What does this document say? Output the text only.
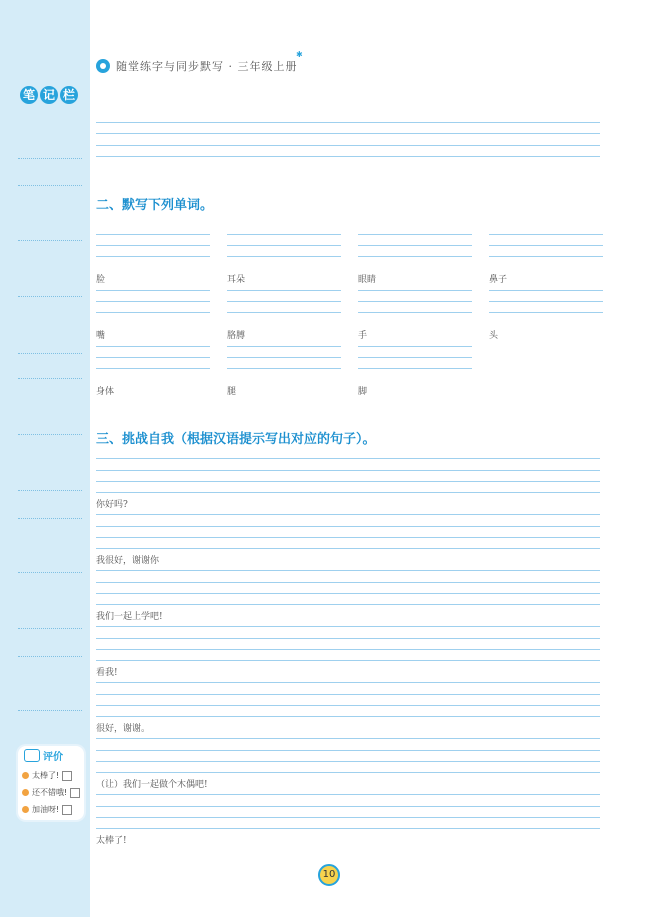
笔 记 栏
评价
太棒了!
还不错哦!
加油呀!
随堂练字与同步默写 · 三年级上册
✱
二、默写下列单词。
脸	耳朵	眼睛	鼻子
嘴	胳膊	手	头
身体	腿	脚
三、挑战自我（根据汉语提示写出对应的句子）。
你好吗?
我很好，谢谢你
我们一起上学吧!
看我!
很好，谢谢。
（让）我们一起做个木偶吧!
太棒了!
10
